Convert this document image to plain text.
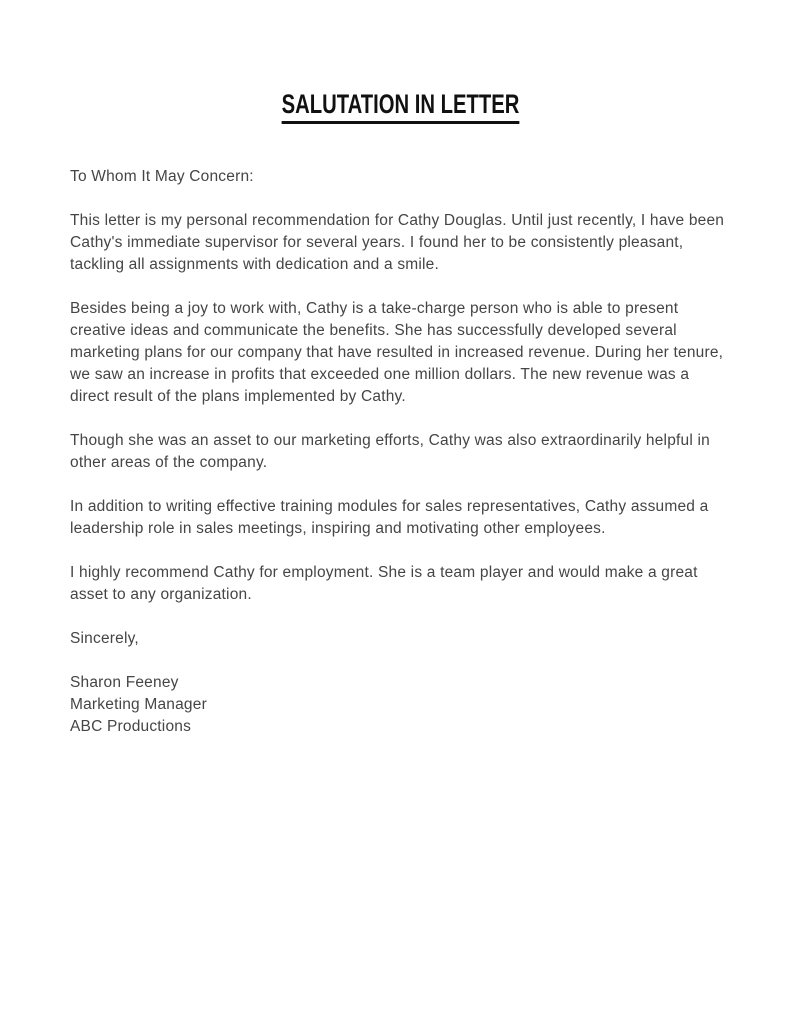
SALUTATION IN LETTER

To Whom It May Concern:

This letter is my personal recommendation for Cathy Douglas. Until just recently, I have been Cathy's immediate supervisor for several years. I found her to be consistently pleasant, tackling all assignments with dedication and a smile.

Besides being a joy to work with, Cathy is a take-charge person who is able to present creative ideas and communicate the benefits. She has successfully developed several marketing plans for our company that have resulted in increased revenue. During her tenure, we saw an increase in profits that exceeded one million dollars. The new revenue was a direct result of the plans implemented by Cathy.

Though she was an asset to our marketing efforts, Cathy was also extraordinarily helpful in other areas of the company.

In addition to writing effective training modules for sales representatives, Cathy assumed a leadership role in sales meetings, inspiring and motivating other employees.

I highly recommend Cathy for employment. She is a team player and would make a great asset to any organization.

Sincerely,

Sharon Feeney
Marketing Manager
ABC Productions
